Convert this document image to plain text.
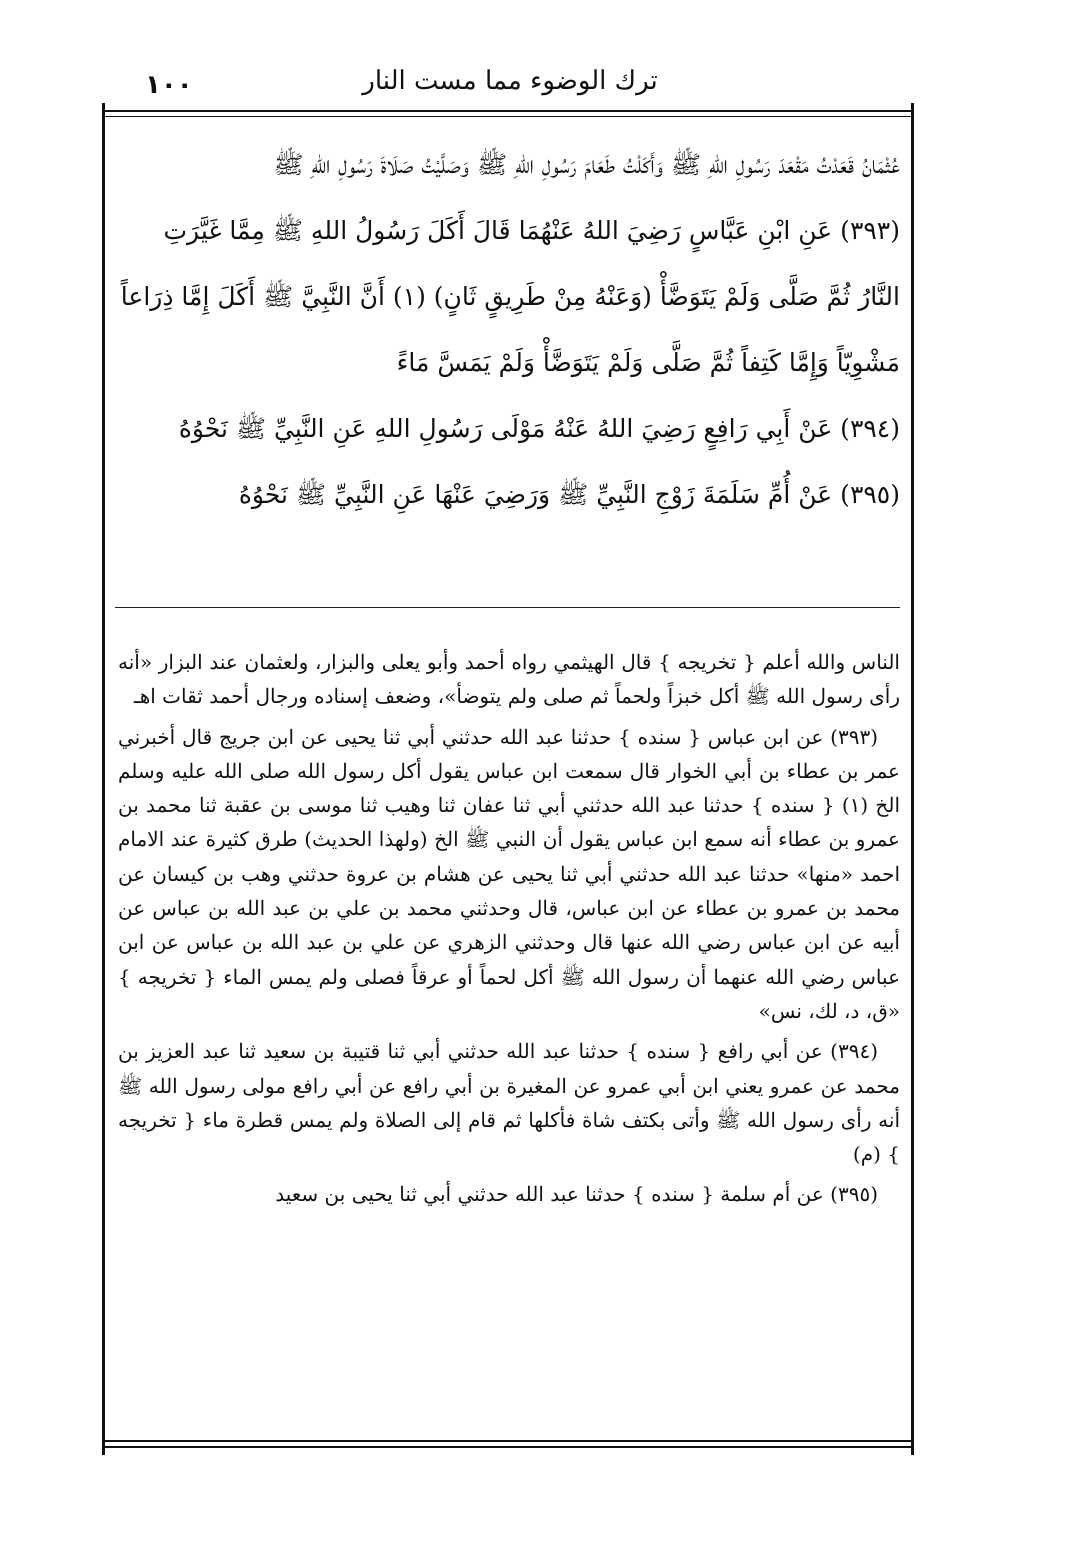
١٠٠	ترك الوضوء مما مست النار

عُثْمَانُ قَعَدْتُ مَقْعَدَ رَسُولِ اللهِ ﷺ وَأَكَلْتُ طَعَامَ رَسُولِ اللهِ ﷺ وَصَلَّيْتُ صَلَاةَ رَسُولِ اللهِ ﷺ

(٣٩٣) عَنِ ابْنِ عَبَّاسٍ رَضِيَ اللهُ عَنْهُمَا قَالَ أَكَلَ رَسُولُ اللهِ ﷺ مِمَّا غَيَّرَتِ النَّارُ ثُمَّ صَلَّى وَلَمْ يَتَوَضَّأْ (وَعَنْهُ مِنْ طَرِيقٍ ثَانٍ) (١) أَنَّ النَّبِيَّ ﷺ أَكَلَ إِمَّا ذِرَاعاً مَشْوِيّاً وَإِمَّا كَتِفاً ثُمَّ صَلَّى وَلَمْ يَتَوَضَّأْ وَلَمْ يَمَسَّ مَاءً

(٣٩٤) عَنْ أَبِي رَافِعٍ رَضِيَ اللهُ عَنْهُ مَوْلَى رَسُولِ اللهِ عَنِ النَّبِيِّ ﷺ نَحْوُهُ

(٣٩٥) عَنْ أُمِّ سَلَمَةَ زَوْجِ النَّبِيِّ ﷺ وَرَضِيَ عَنْهَا عَنِ النَّبِيِّ ﷺ نَحْوُهُ

الناس والله أعلم { تخريجه } قال الهيثمي رواه أحمد وأبو يعلى والبزار، ولعثمان عند البزار «أنه رأى رسول الله ﷺ أكل خبزاً ولحماً ثم صلى ولم يتوضأ»، وضعف إسناده ورجال أحمد ثقات اهـ

(٣٩٣) عن ابن عباس { سنده } حدثنا عبد الله حدثني أبي ثنا يحيى عن ابن جريج قال أخبرني عمر بن عطاء بن أبي الخوار قال سمعت ابن عباس يقول أكل رسول الله صلى الله عليه وسلم الخ (١) { سنده } حدثنا عبد الله حدثني أبي ثنا عفان ثنا وهيب ثنا موسى بن عقبة ثنا محمد بن عمرو بن عطاء أنه سمع ابن عباس يقول أن النبي ﷺ الخ (ولهذا الحديث) طرق كثيرة عند الامام احمد «منها» حدثنا عبد الله حدثني أبي ثنا يحيى عن هشام بن عروة حدثني وهب بن كيسان عن محمد بن عمرو بن عطاء عن ابن عباس، قال وحدثني محمد بن علي بن عبد الله بن عباس عن أبيه عن ابن عباس رضي الله عنها قال وحدثني الزهري عن علي بن عبد الله بن عباس عن ابن عباس رضي الله عنهما أن رسول الله ﷺ أكل لحماً أو عرقاً فصلى ولم يمس الماء { تخريجه } «ق، د، لك، نس»

(٣٩٤) عن أبي رافع { سنده } حدثنا عبد الله حدثني أبي ثنا قتيبة بن سعيد ثنا عبد العزيز بن محمد عن عمرو يعني ابن أبي عمرو عن المغيرة بن أبي رافع عن أبي رافع مولى رسول الله ﷺ أنه رأى رسول الله ﷺ وأتى بكتف شاة فأكلها ثم قام إلى الصلاة ولم يمس قطرة ماء { تخريجه } (م)

(٣٩٥) عن أم سلمة { سنده } حدثنا عبد الله حدثني أبي ثنا يحيى بن سعيد
